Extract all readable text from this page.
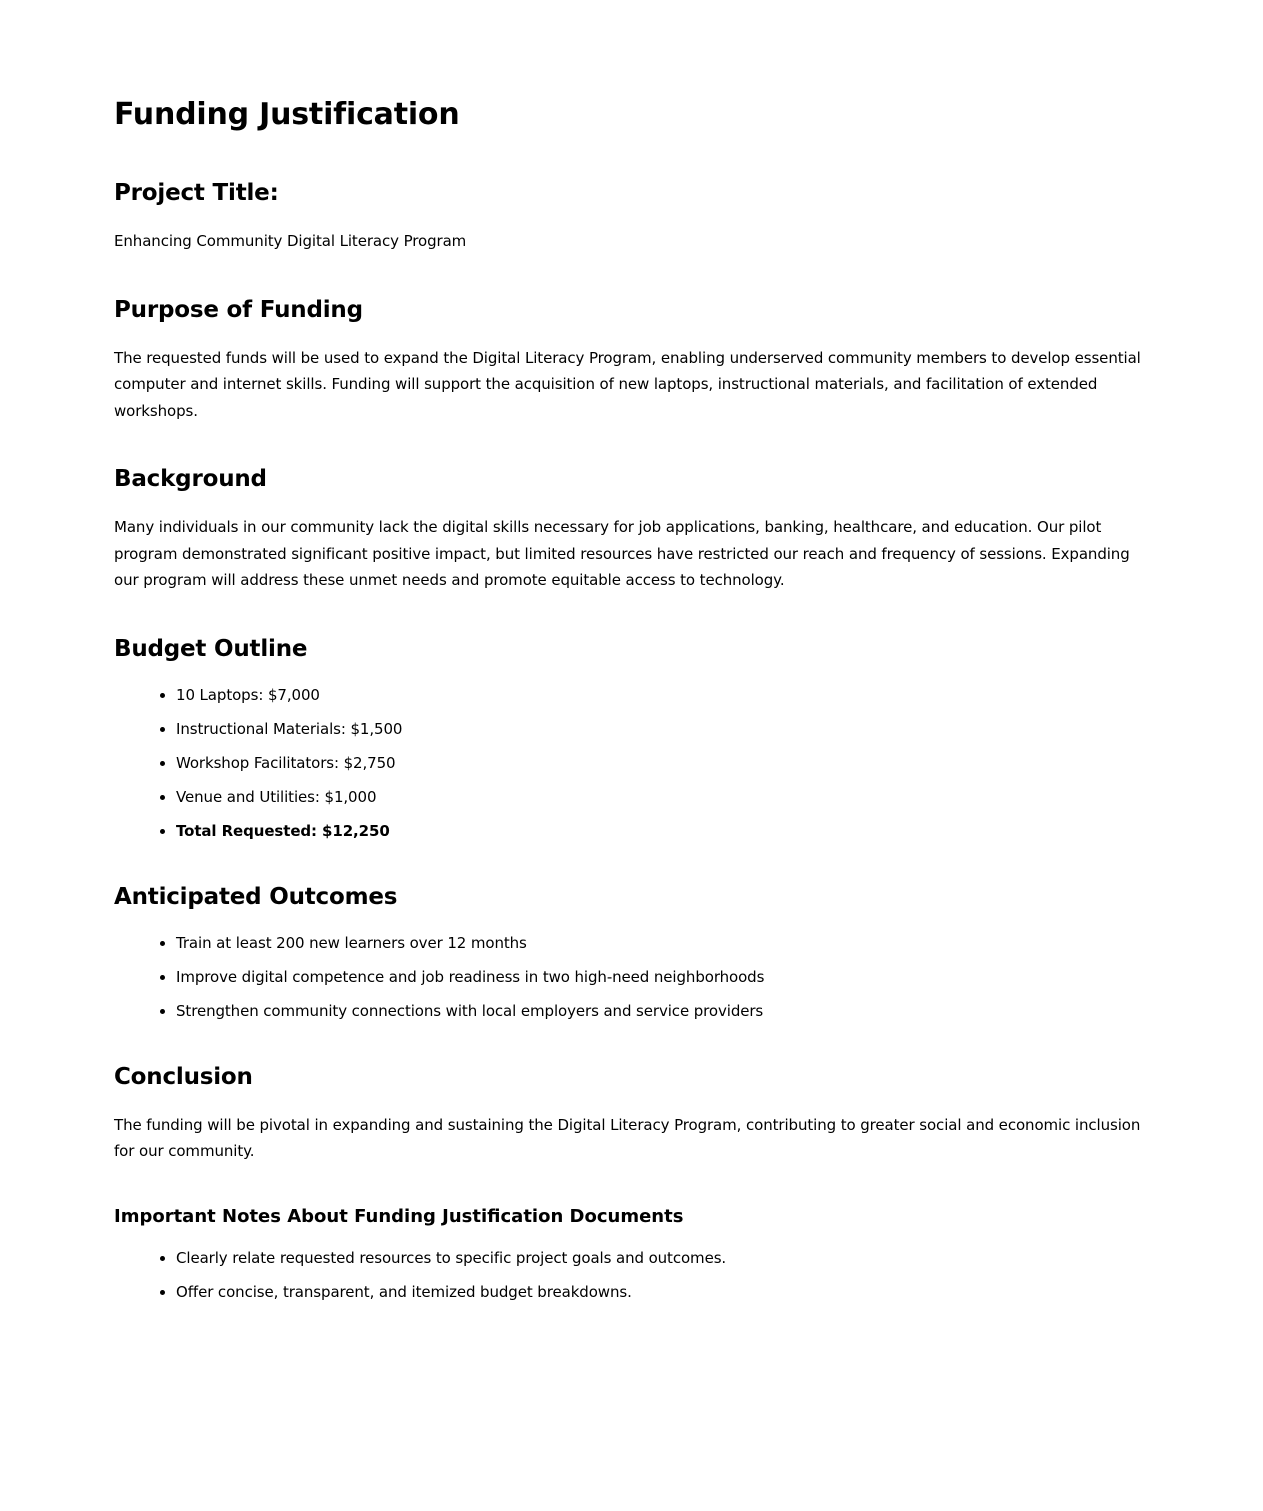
Funding Justification
Project Title:

Enhancing Community Digital Literacy Program

Purpose of Funding

The requested funds will be used to expand the Digital Literacy Program, enabling underserved community members to develop essential computer and internet skills. Funding will support the acquisition of new laptops, instructional materials, and facilitation of extended workshops.

Background

Many individuals in our community lack the digital skills necessary for job applications, banking, healthcare, and education. Our pilot program demonstrated significant positive impact, but limited resources have restricted our reach and frequency of sessions. Expanding our program will address these unmet needs and promote equitable access to technology.

Budget Outline
• 10 Laptops: $7,000
• Instructional Materials: $1,500
• Workshop Facilitators: $2,750
• Venue and Utilities: $1,000
• Total Requested: $12,250
Anticipated Outcomes
• Train at least 200 new learners over 12 months
• Improve digital competence and job readiness in two high-need neighborhoods
• Strengthen community connections with local employers and service providers
Conclusion

The funding will be pivotal in expanding and sustaining the Digital Literacy Program, contributing to greater social and economic inclusion for our community.

Important Notes About Funding Justification Documents
• Clearly relate requested resources to specific project goals and outcomes.
• Offer concise, transparent, and itemized budget breakdowns.
